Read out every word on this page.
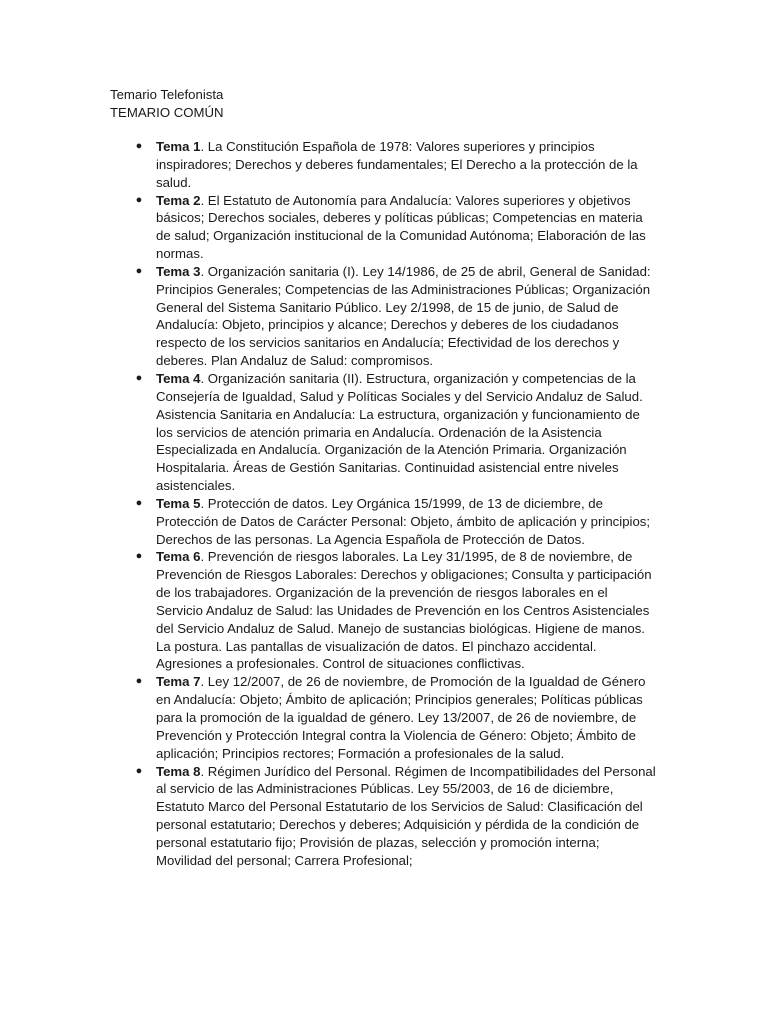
Temario Telefonista
TEMARIO COMÚN
● Tema 1. La Constitución Española de 1978: Valores superiores y principios inspiradores; Derechos y deberes fundamentales; El Derecho a la protección de la salud.
● Tema 2. El Estatuto de Autonomía para Andalucía: Valores superiores y objetivos básicos; Derechos sociales, deberes y políticas públicas; Competencias en materia de salud; Organización institucional de la Comunidad Autónoma; Elaboración de las normas.
● Tema 3. Organización sanitaria (I). Ley 14/1986, de 25 de abril, General de Sanidad: Principios Generales; Competencias de las Administraciones Públicas; Organización General del Sistema Sanitario Público. Ley 2/1998, de 15 de junio, de Salud de Andalucía: Objeto, principios y alcance; Derechos y deberes de los ciudadanos respecto de los servicios sanitarios en Andalucía; Efectividad de los derechos y deberes. Plan Andaluz de Salud: compromisos.
● Tema 4. Organización sanitaria (II). Estructura, organización y competencias de la Consejería de Igualdad, Salud y Políticas Sociales y del Servicio Andaluz de Salud. Asistencia Sanitaria en Andalucía: La estructura, organización y funcionamiento de los servicios de atención primaria en Andalucía. Ordenación de la Asistencia Especializada en Andalucía. Organización de la Atención Primaria. Organización Hospitalaria. Áreas de Gestión Sanitarias. Continuidad asistencial entre niveles asistenciales.
● Tema 5. Protección de datos. Ley Orgánica 15/1999, de 13 de diciembre, de Protección de Datos de Carácter Personal: Objeto, ámbito de aplicación y principios; Derechos de las personas. La Agencia Española de Protección de Datos.
● Tema 6. Prevención de riesgos laborales. La Ley 31/1995, de 8 de noviembre, de Prevención de Riesgos Laborales: Derechos y obligaciones; Consulta y participación de los trabajadores. Organización de la prevención de riesgos laborales en el Servicio Andaluz de Salud: las Unidades de Prevención en los Centros Asistenciales del Servicio Andaluz de Salud. Manejo de sustancias biológicas. Higiene de manos. La postura. Las pantallas de visualización de datos. El pinchazo accidental. Agresiones a profesionales. Control de situaciones conflictivas.
● Tema 7. Ley 12/2007, de 26 de noviembre, de Promoción de la Igualdad de Género en Andalucía: Objeto; Ámbito de aplicación; Principios generales; Políticas públicas para la promoción de la igualdad de género. Ley 13/2007, de 26 de noviembre, de Prevención y Protección Integral contra la Violencia de Género: Objeto; Ámbito de aplicación; Principios rectores; Formación a profesionales de la salud.
● Tema 8. Régimen Jurídico del Personal. Régimen de Incompatibilidades del Personal al servicio de las Administraciones Públicas. Ley 55/2003, de 16 de diciembre, Estatuto Marco del Personal Estatutario de los Servicios de Salud: Clasificación del personal estatutario; Derechos y deberes; Adquisición y pérdida de la condición de personal estatutario fijo; Provisión de plazas, selección y promoción interna; Movilidad del personal; Carrera Profesional;
